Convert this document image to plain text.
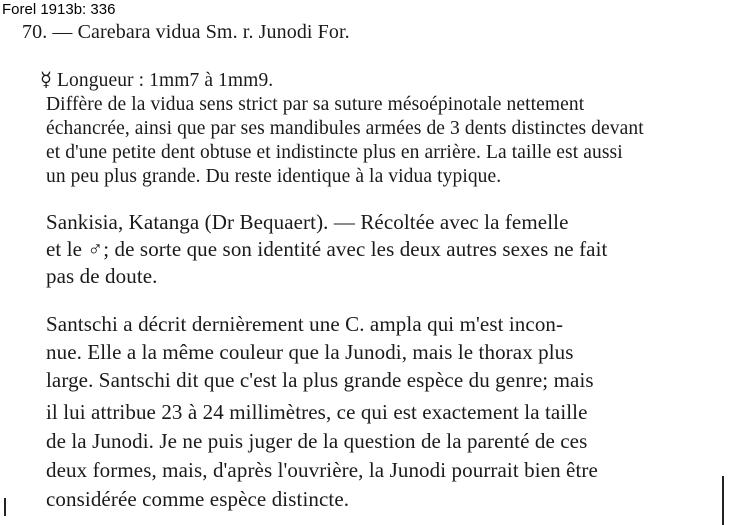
Forel 1913b: 336
70. — Carebara vidua Sm. r. Junodi For.
☿ Longueur : 1mm7 à 1mm9.
Diffère de la vidua sens strict par sa suture mésoépinotale nettement
échancrée, ainsi que par ses mandibules armées de 3 dents distinctes devant
et d'une petite dent obtuse et indistincte plus en arrière. La taille est aussi
un peu plus grande. Du reste identique à la vidua typique.
Sankisia, Katanga (Dr Bequaert). — Récoltée avec la femelle
et le ♂; de sorte que son identité avec les deux autres sexes ne fait
pas de doute.
Santschi a décrit dernièrement une C. ampla qui m'est incon-
nue. Elle a la même couleur que la Junodi, mais le thorax plus
large. Santschi dit que c'est la plus grande espèce du genre; mais
il lui attribue 23 à 24 millimètres, ce qui est exactement la taille
de la Junodi. Je ne puis juger de la question de la parenté de ces
deux formes, mais, d'après l'ouvrière, la Junodi pourrait bien être
considérée comme espèce distincte.
